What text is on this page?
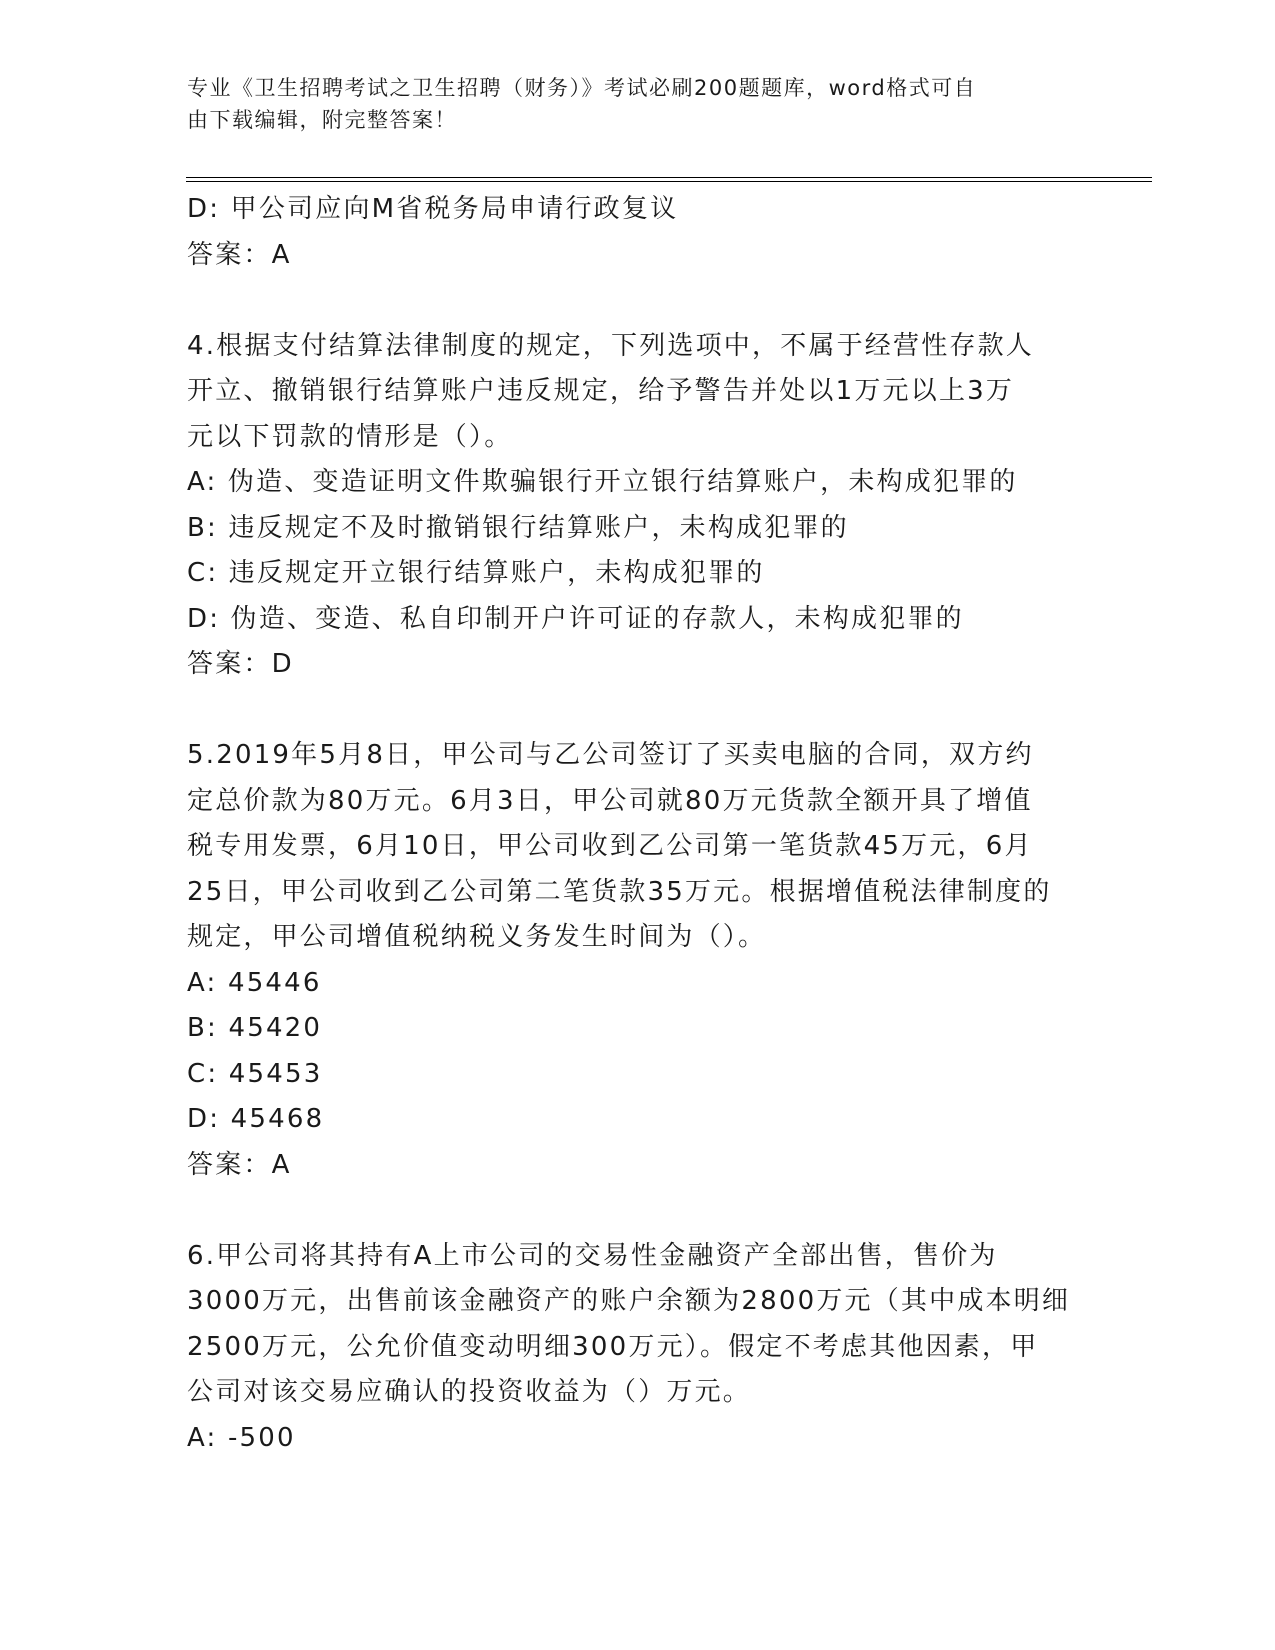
专业《卫生招聘考试之卫生招聘（财务）》考试必刷200题题库，word格式可自
由下载编辑，附完整答案！
D: 甲公司应向M省税务局申请行政复议
答案：A
4.根据支付结算法律制度的规定，下列选项中，不属于经营性存款人
开立、撤销银行结算账户违反规定，给予警告并处以1万元以上3万
元以下罚款的情形是（）。
A: 伪造、变造证明文件欺骗银行开立银行结算账户，未构成犯罪的
B: 违反规定不及时撤销银行结算账户，未构成犯罪的
C: 违反规定开立银行结算账户，未构成犯罪的
D: 伪造、变造、私自印制开户许可证的存款人，未构成犯罪的
答案：D
5.2019年5月8日，甲公司与乙公司签订了买卖电脑的合同，双方约
定总价款为80万元。6月3日，甲公司就80万元货款全额开具了增值
税专用发票，6月10日，甲公司收到乙公司第一笔货款45万元，6月
25日，甲公司收到乙公司第二笔货款35万元。根据增值税法律制度的
规定，甲公司增值税纳税义务发生时间为（）。
A: 45446
B: 45420
C: 45453
D: 45468
答案：A
6.甲公司将其持有A上市公司的交易性金融资产全部出售，售价为
3000万元，出售前该金融资产的账户余额为2800万元（其中成本明细
2500万元，公允价值变动明细300万元）。假定不考虑其他因素，甲
公司对该交易应确认的投资收益为（）万元。
A: -500
